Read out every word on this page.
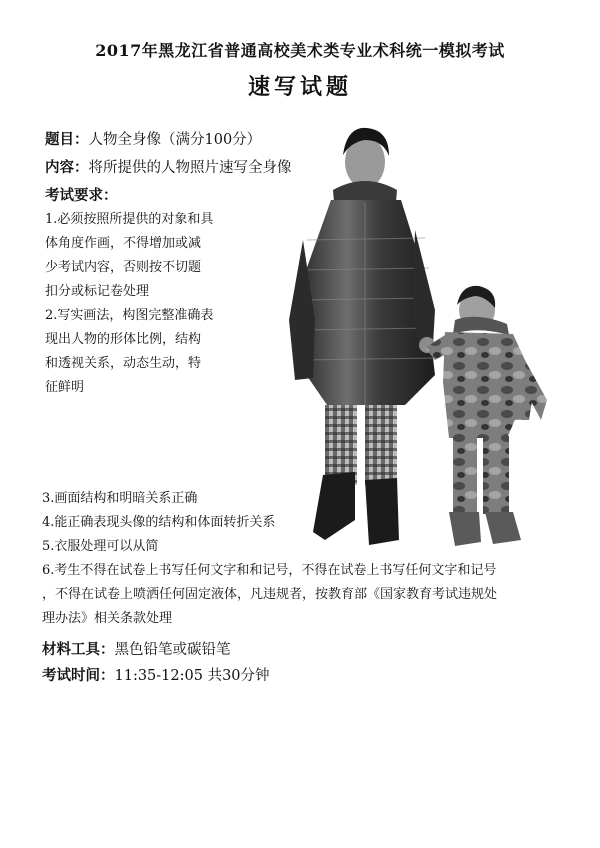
2017年黑龙江省普通高校美术类专业术科统一模拟考试
速写试题
题目：人物全身像（满分100分）
内容：将所提供的人物照片速写全身像
考试要求：
1.必须按照所提供的对象和具
体角度作画，不得增加或减
少考试内容，否则按不切题
扣分或标记卷处理
2.写实画法，构图完整准确表
现出人物的形体比例，结构
和透视关系，动态生动，特
征鲜明
3.画面结构和明暗关系正确
4.能正确表现头像的结构和体面转折关系
5.衣服处理可以从简
6.考生不得在试卷上书写任何文字和和记号，不得在试卷上书写任何文字和记号
，不得在试卷上喷洒任何固定液体，凡违规者，按教育部《国家教育考试违规处
理办法》相关条款处理
材料工具：黑色铅笔或碳铅笔
考试时间：11:35-12:05 共30分钟
